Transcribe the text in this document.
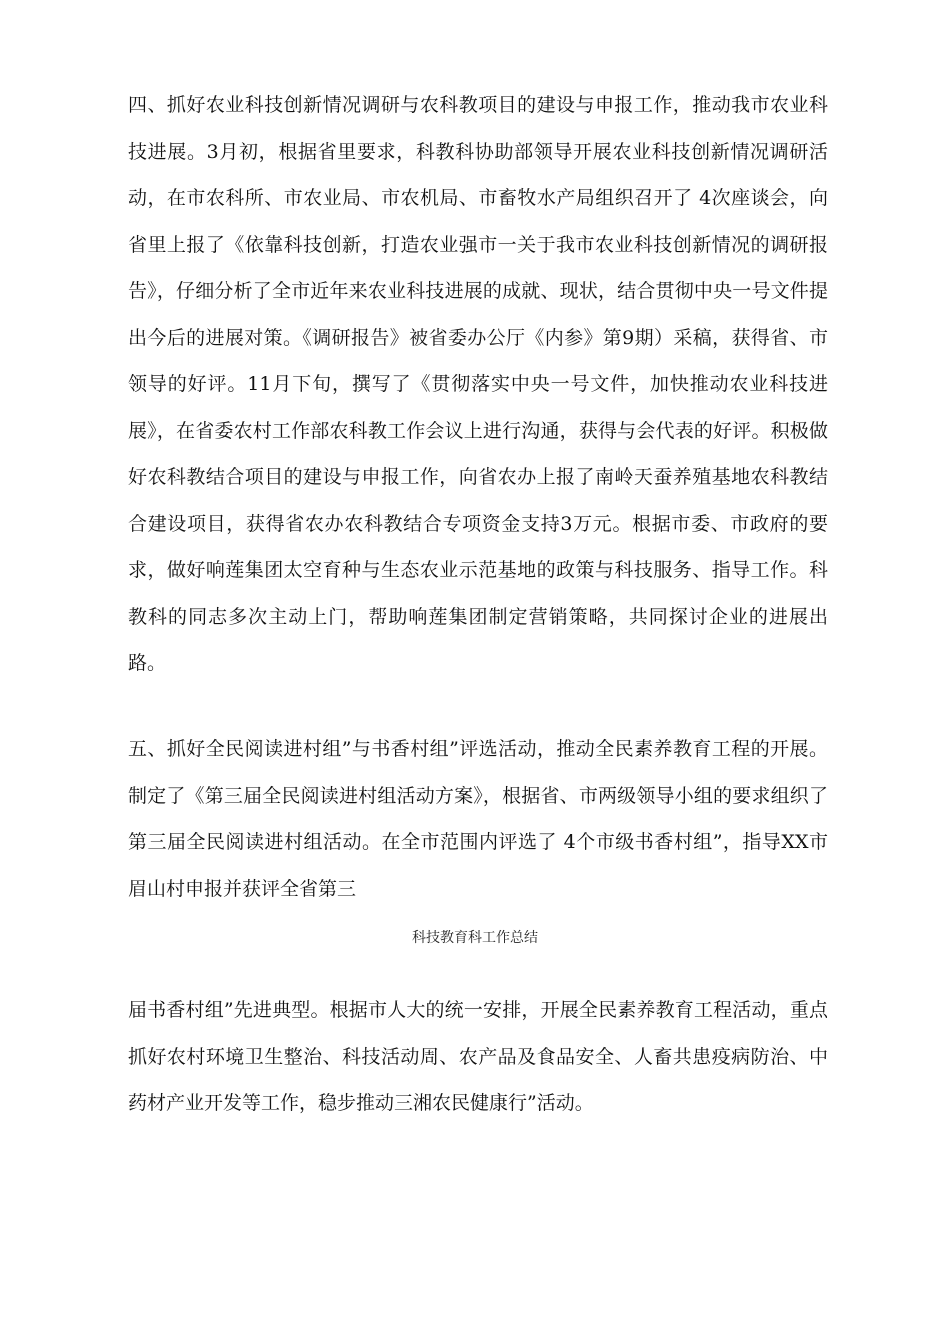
四、抓好农业科技创新情况调研与农科教项目的建设与申报工作，推动我市农业科技进展。3月初，根据省里要求，科教科协助部领导开展农业科技创新情况调研活动，在市农科所、市农业局、市农机局、市畜牧水产局组织召开了 4次座谈会，向省里上报了《依靠科技创新，打造农业强市一关于我市农业科技创新情况的调研报告》，仔细分析了全市近年来农业科技进展的成就、现状，结合贯彻中央一号文件提出今后的进展对策。《调研报告》被省委办公厅《内参》第9期）采稿，获得省、市领导的好评。11月下旬，撰写了《贯彻落实中央一号文件，加快推动农业科技进展》，在省委农村工作部农科教工作会议上进行沟通，获得与会代表的好评。积极做好农科教结合项目的建设与申报工作，向省农办上报了南岭天蚕养殖基地农科教结合建设项目，获得省农办农科教结合专项资金支持3万元。根据市委、市政府的要求，做好响莲集团太空育种与生态农业示范基地的政策与科技服务、指导工作。科教科的同志多次主动上门，帮助响莲集团制定营销策略，共同探讨企业的进展出路。

五、抓好全民阅读进村组”与书香村组”评选活动，推动全民素养教育工程的开展。制定了《第三届全民阅读进村组活动方案》，根据省、市两级领导小组的要求组织了第三届全民阅读进村组活动。在全市范围内评选了 4个市级书香村组”，指导XX市眉山村申报并获评全省第三

科技教育科工作总结

届书香村组”先进典型。根据市人大的统一安排，开展全民素养教育工程活动，重点抓好农村环境卫生整治、科技活动周、农产品及食品安全、人畜共患疫病防治、中药材产业开发等工作，稳步推动三湘农民健康行”活动。
